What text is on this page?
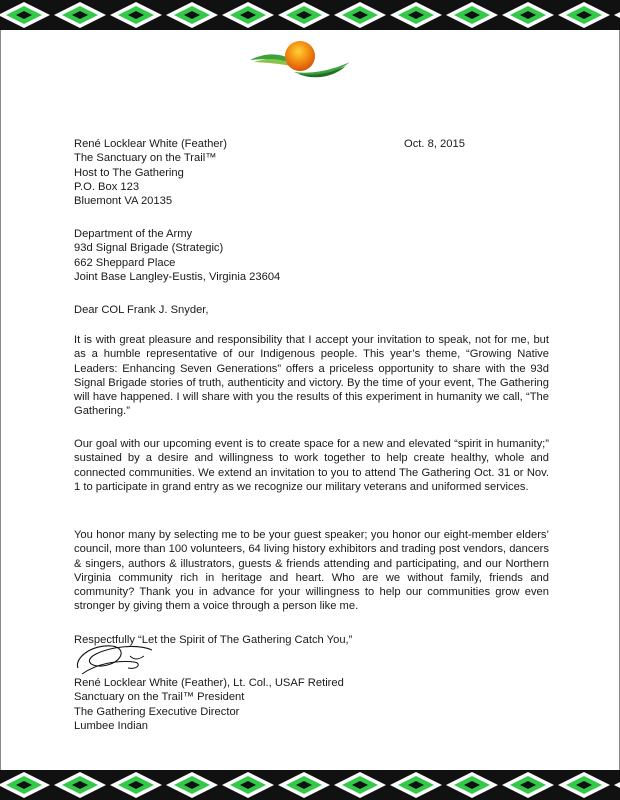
René Locklear White (Feather)
The Sanctuary on the Trail™
Host to The Gathering
P.O. Box 123
Bluemont VA 20135
Oct. 8, 2015
Department of the Army
93d Signal Brigade (Strategic)
662 Sheppard Place
Joint Base Langley-Eustis, Virginia 23604
Dear COL Frank J. Snyder,

It is with great pleasure and responsibility that I accept your invitation to speak, not for me, but as a humble representative of our Indigenous people. This year’s theme, “Growing Native Leaders: Enhancing Seven Generations” offers a priceless opportunity to share with the 93d Signal Brigade stories of truth, authenticity and victory. By the time of your event, The Gathering will have happened. I will share with you the results of this experiment in humanity we call, “The Gathering.”

Our goal with our upcoming event is to create space for a new and elevated “spirit in humanity;” sustained by a desire and willingness to work together to help create healthy, whole and connected communities. We extend an invitation to you to attend The Gathering Oct. 31 or Nov. 1 to participate in grand entry as we recognize our military veterans and uniformed services.

You honor many by selecting me to be your guest speaker; you honor our eight-member elders’ council, more than 100 volunteers, 64 living history exhibitors and trading post vendors, dancers & singers, authors & illustrators, guests & friends attending and participating, and our Northern Virginia community rich in heritage and heart. Who are we without family, friends and community? Thank you in advance for your willingness to help our communities grow even stronger by giving them a voice through a person like me.

Respectfully “Let the Spirit of The Gathering Catch You,”
René Locklear White (Feather), Lt. Col., USAF Retired
Sanctuary on the Trail™ President
The Gathering Executive Director
Lumbee Indian
